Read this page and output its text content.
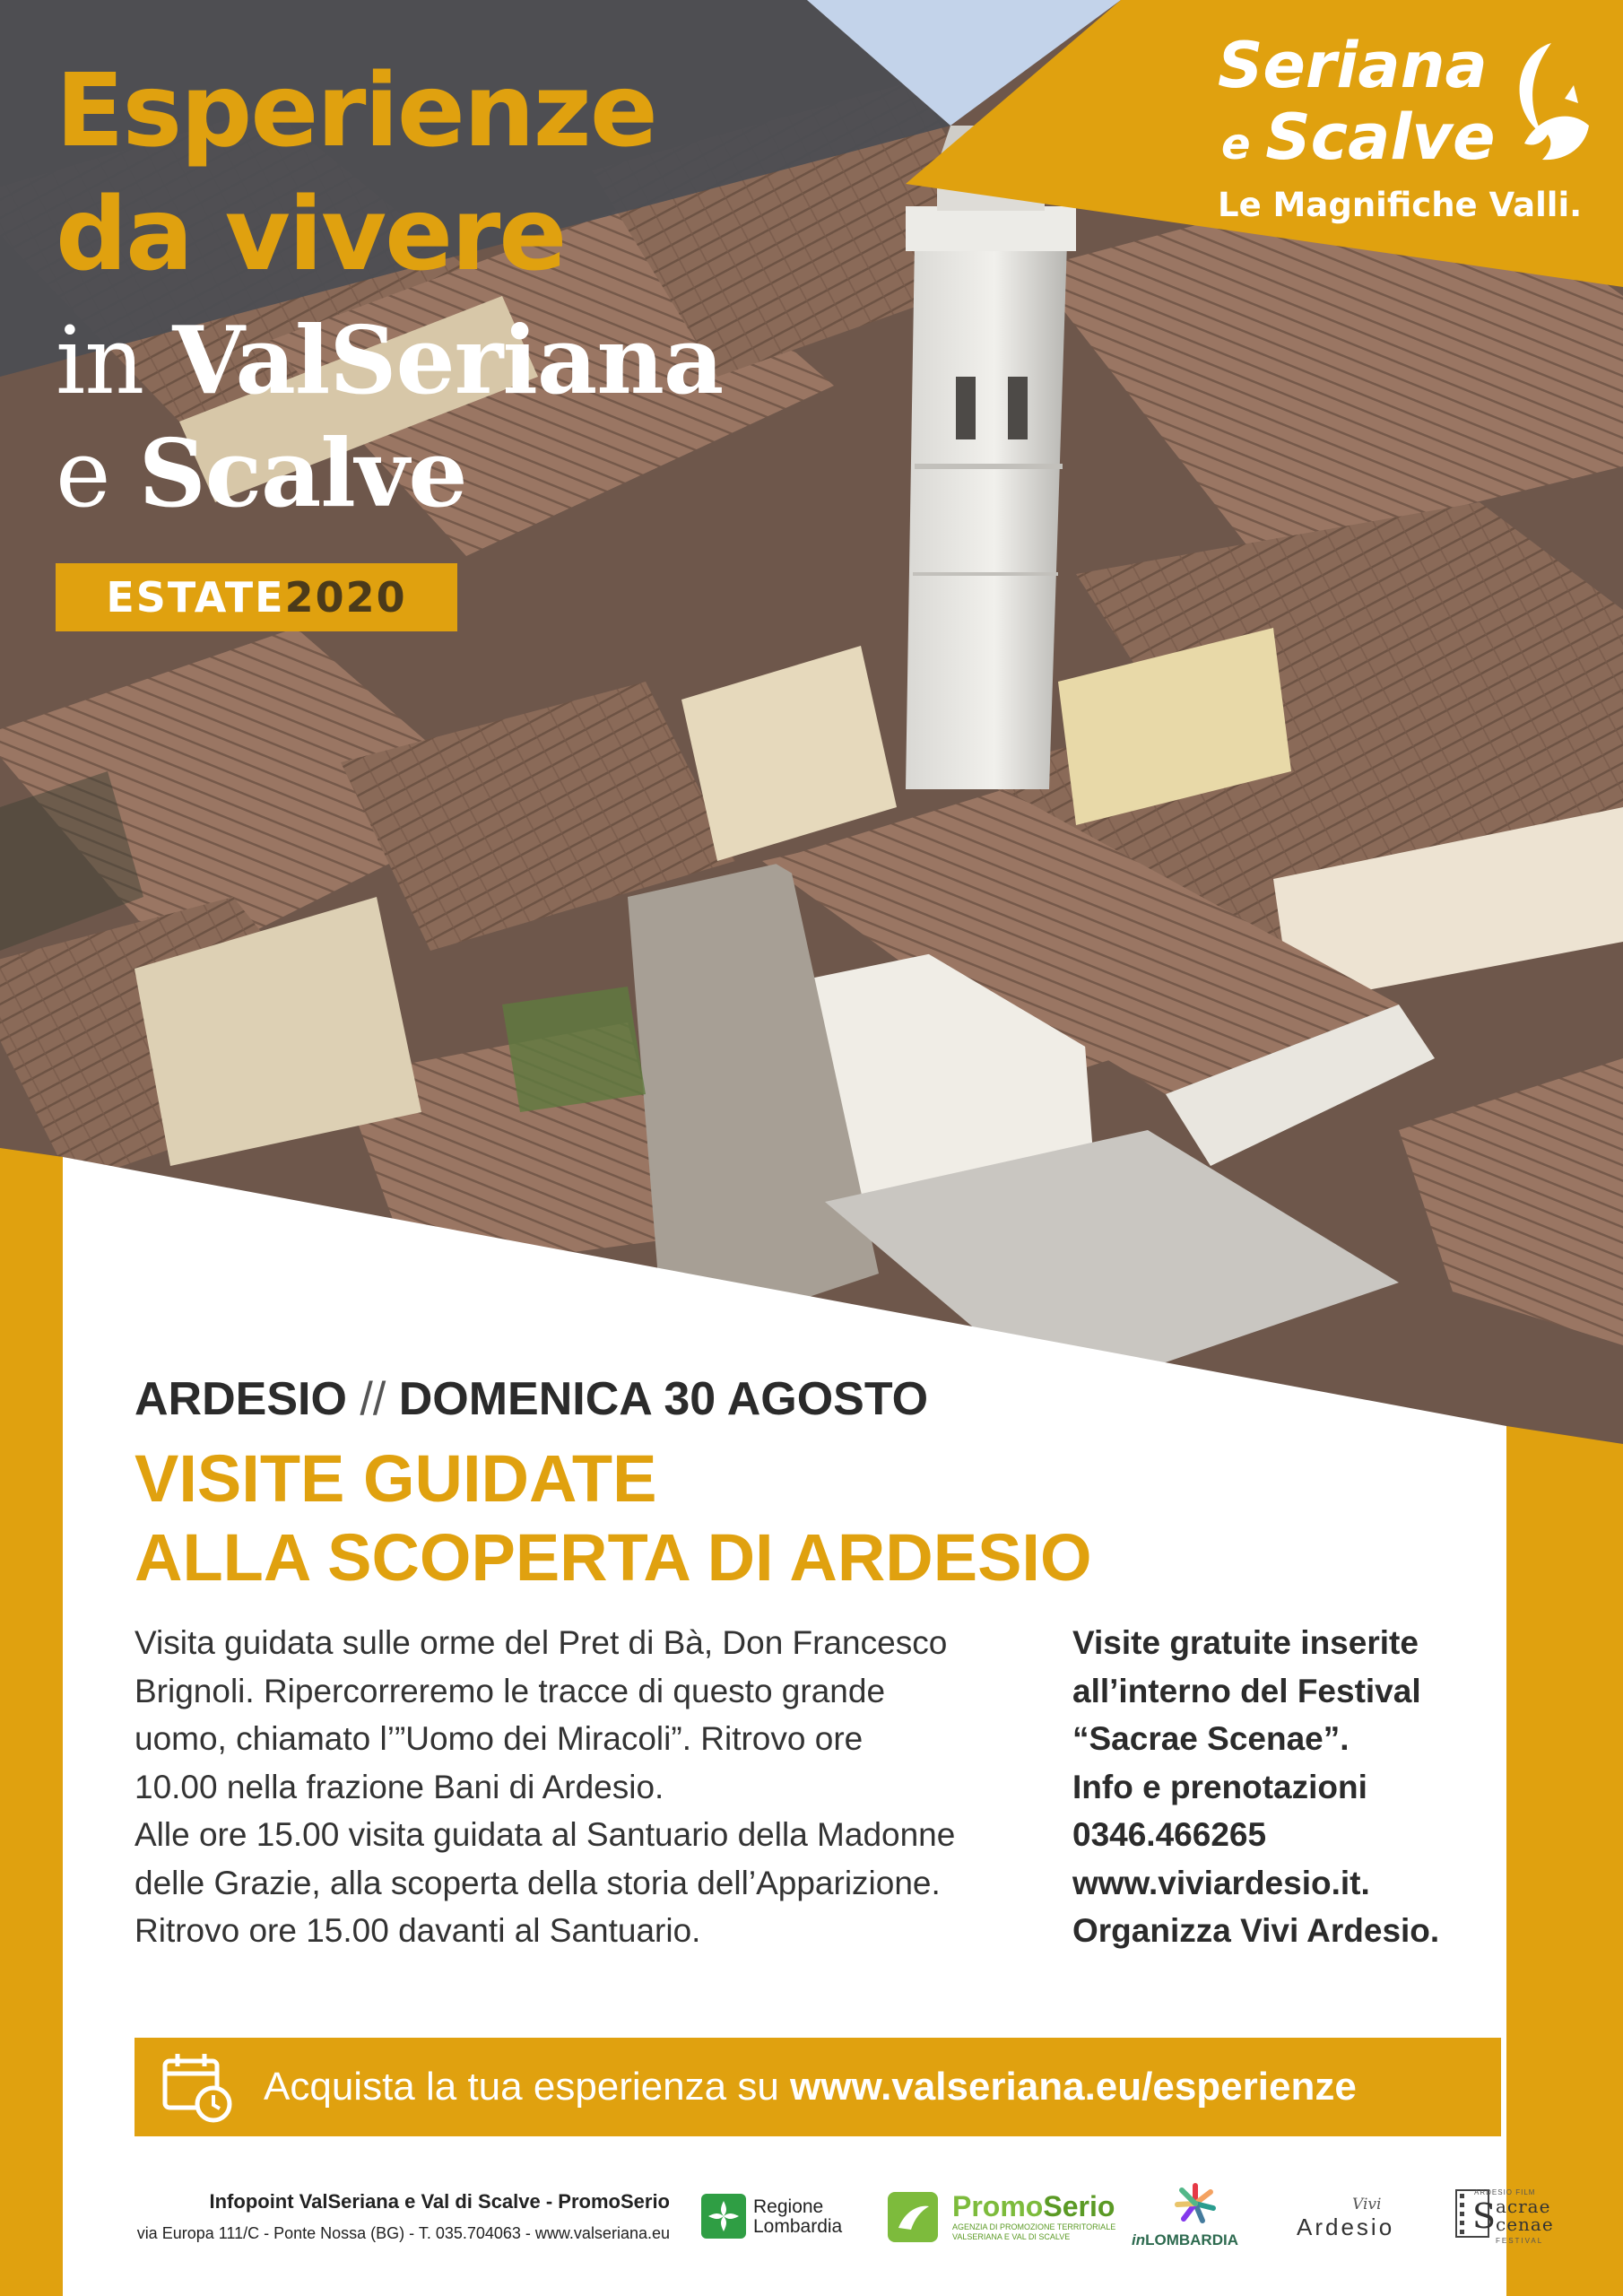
Esperienze
da vivere
in ValSeriana
e Scalve
ESTATE2020
Seriana
e Scalve
Le Magnifiche Valli.
ARDESIO // DOMENICA 30 AGOSTO
VISITE GUIDATE
ALLA SCOPERTA DI ARDESIO
Visita guidata sulle orme del Pret di Bà, Don Francesco
Brignoli. Ripercorreremo le tracce di questo grande
uomo, chiamato l’”Uomo dei Miracoli”. Ritrovo ore
10.00 nella frazione Bani di Ardesio.
Alle ore 15.00 visita guidata al Santuario della Madonne
delle Grazie, alla scoperta della storia dell’Apparizione.
Ritrovo ore 15.00 davanti al Santuario.
Visite gratuite inserite
all’interno del Festival
“Sacrae Scenae”.
Info e prenotazioni
0346.466265
www.viviardesio.it.
Organizza Vivi Ardesio.
Acquista la tua esperienza su www.valseriana.eu/esperienze
Infopoint ValSeriana e Val di Scalve - PromoSerio
via Europa 111/C - Ponte Nossa (BG) - T. 035.704063 - www.valseriana.eu
Regione
Lombardia
PromoSerio
AGENZIA DI PROMOZIONE TERRITORIALE
VALSERIANA E VAL DI SCALVE	inLOMBARDIA
Vivi
Ardesio
ARDESIO FILM
S acrae
cenae
FESTIVAL
